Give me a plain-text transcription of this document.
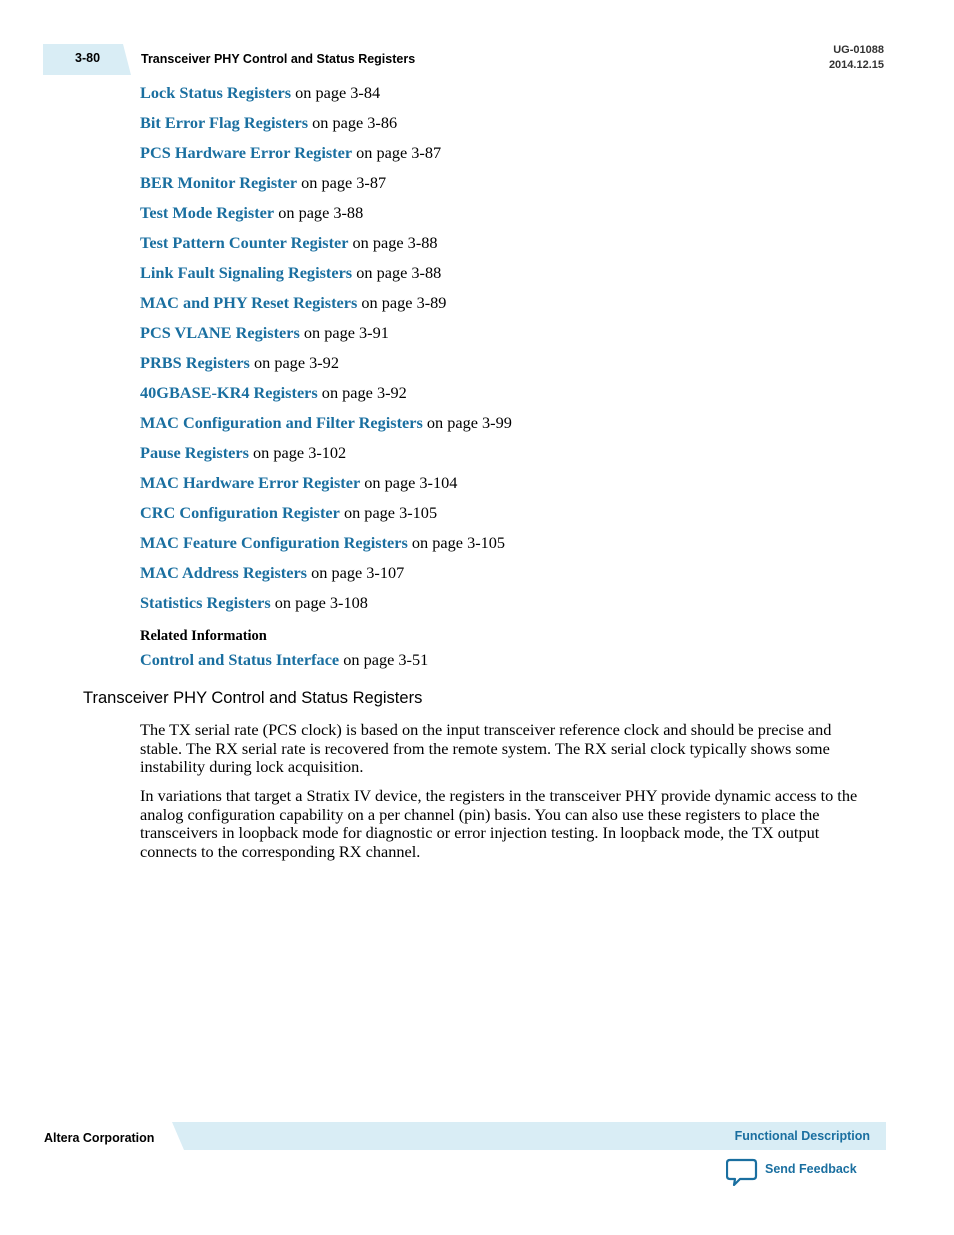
3-80	Transceiver PHY Control and Status Registers
UG-01088
2014.12.15
Lock Status Registers on page 3-84
Bit Error Flag Registers on page 3-86
PCS Hardware Error Register on page 3-87
BER Monitor Register on page 3-87
Test Mode Register on page 3-88
Test Pattern Counter Register on page 3-88
Link Fault Signaling Registers on page 3-88
MAC and PHY Reset Registers on page 3-89
PCS VLANE Registers on page 3-91
PRBS Registers on page 3-92
40GBASE-KR4 Registers on page 3-92
MAC Configuration and Filter Registers on page 3-99
Pause Registers on page 3-102
MAC Hardware Error Register on page 3-104
CRC Configuration Register on page 3-105
MAC Feature Configuration Registers on page 3-105
MAC Address Registers on page 3-107
Statistics Registers on page 3-108
Related Information
Control and Status Interface on page 3-51
Transceiver PHY Control and Status Registers

The TX serial rate (PCS clock) is based on the input transceiver reference clock and should be precise and stable. The RX serial rate is recovered from the remote system. The RX serial clock typically shows some instability during lock acquisition.

In variations that target a Stratix IV device, the registers in the transceiver PHY provide dynamic access to the analog configuration capability on a per channel (pin) basis. You can also use these registers to place the transceivers in loopback mode for diagnostic or error injection testing. In loopback mode, the TX output connects to the corresponding RX channel.

Altera Corporation	Functional Description
Send Feedback
